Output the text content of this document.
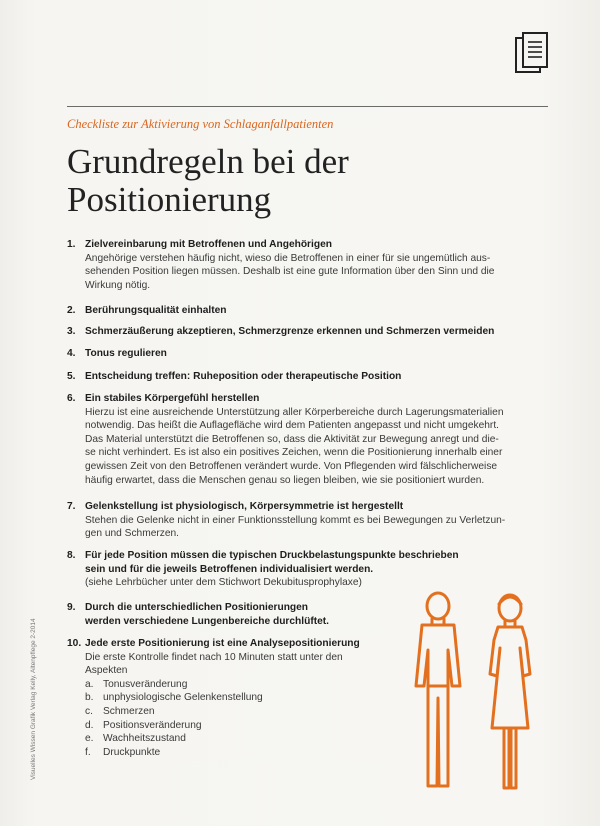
Checkliste zur Aktivierung von Schlaganfallpatienten
Grundregeln bei der
Positionierung
1. Zielvereinbarung mit Betroffenen und Angehörigen
Angehörige verstehen häufig nicht, wieso die Betroffenen in einer für sie ungemütlich aus-
sehenden Position liegen müssen. Deshalb ist eine gute Information über den Sinn und die
Wirkung nötig.
2. Berührungsqualität einhalten
3. Schmerzäußerung akzeptieren, Schmerzgrenze erkennen und Schmerzen vermeiden
4. Tonus regulieren
5. Entscheidung treffen: Ruheposition oder therapeutische Position
6. Ein stabiles Körpergefühl herstellen
Hierzu ist eine ausreichende Unterstützung aller Körperbereiche durch Lagerungsmaterialien
notwendig. Das heißt die Auflagefläche wird dem Patienten angepasst und nicht umgekehrt.
Das Material unterstützt die Betroffenen so, dass die Aktivität zur Bewegung anregt und die-
se nicht verhindert. Es ist also ein positives Zeichen, wenn die Positionierung innerhalb einer
gewissen Zeit von den Betroffenen verändert wurde. Von Pflegenden wird fälschlicherweise
häufig erwartet, dass die Menschen genau so liegen bleiben, wie sie positioniert wurden.
7. Gelenkstellung ist physiologisch, Körpersymmetrie ist hergestellt
Stehen die Gelenke nicht in einer Funktionsstellung kommt es bei Bewegungen zu Verletzun-
gen und Schmerzen.
8. Für jede Position müssen die typischen Druckbelastungspunkte beschrieben
sein und für die jeweils Betroffenen individualisiert werden.
(siehe Lehrbücher unter dem Stichwort Dekubitusprophylaxe)
9. Durch die unterschiedlichen Positionierungen
werden verschiedene Lungenbereiche durchlüftet.
10. Jede erste Positionierung ist eine Analysepositionierung
Die erste Kontrolle findet nach 10 Minuten statt unter den
Aspekten
a. Tonusveränderung
b. unphysiologische Gelenkenstellung
c. Schmerzen
d. Positionsveränderung
e. Wachheitszustand
f.	Druckpunkte
Visuelles Wissen Grafik Verlag Kelly, Altenpflege 2-2014
